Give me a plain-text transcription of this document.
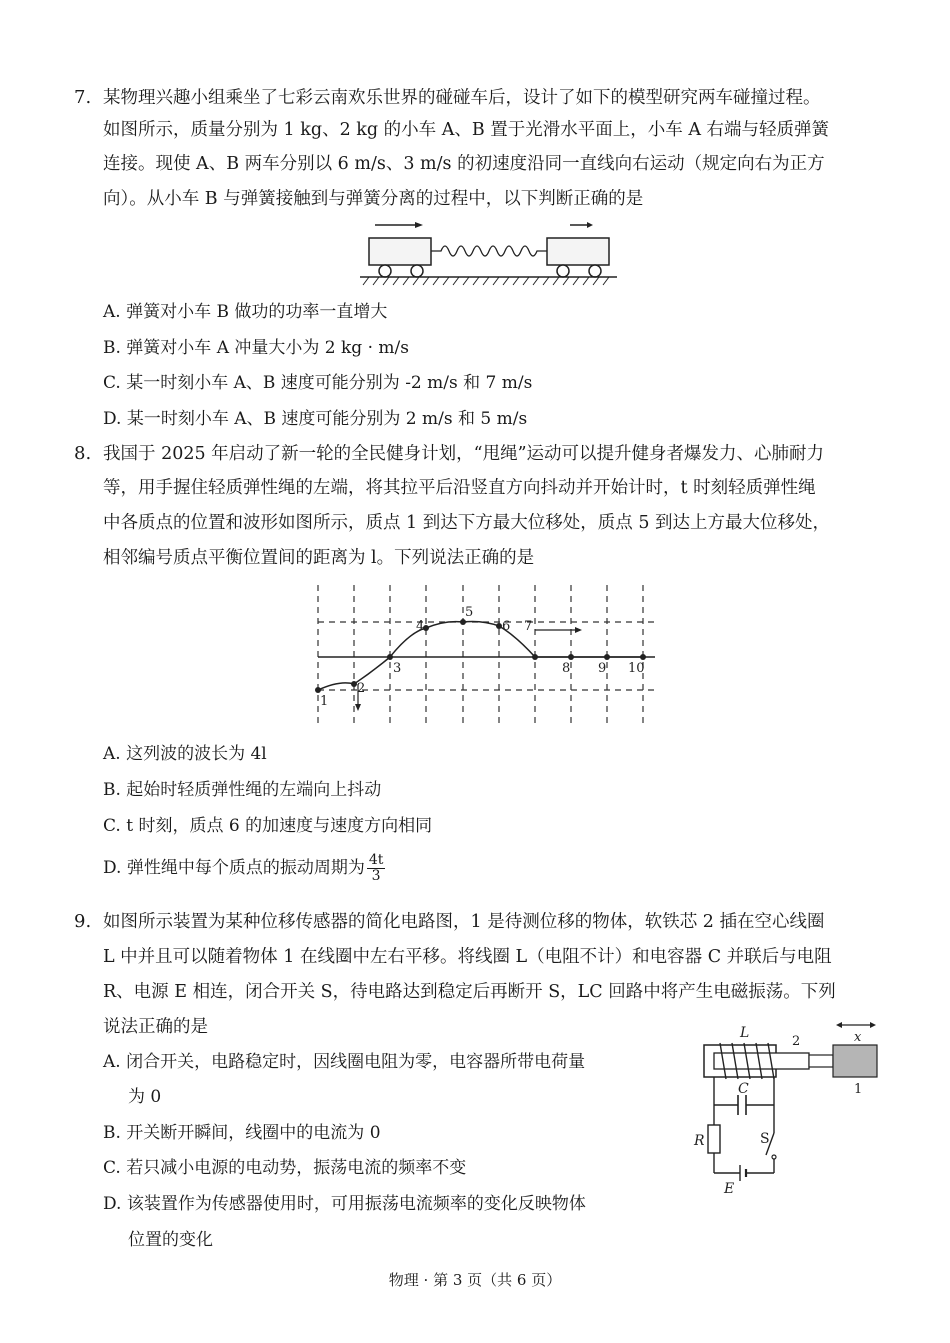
7. 某物理兴趣小组乘坐了七彩云南欢乐世界的碰碰车后，设计了如下的模型研究两车碰撞过程。
如图所示，质量分别为 1 kg、2 kg 的小车 A、B 置于光滑水平面上，小车 A 右端与轻质弹簧
连接。现使 A、B 两车分别以 6 m/s、3 m/s 的初速度沿同一直线向右运动（规定向右为正方
向）。从小车 B 与弹簧接触到与弹簧分离的过程中，以下判断正确的是
A. 弹簧对小车 B 做功的功率一直增大
B. 弹簧对小车 A 冲量大小为 2 kg · m/s
C. 某一时刻小车 A、B 速度可能分别为 -2 m/s 和 7 m/s
D. 某一时刻小车 A、B 速度可能分别为 2 m/s 和 5 m/s
8. 我国于 2025 年启动了新一轮的全民健身计划，“甩绳”运动可以提升健身者爆发力、心肺耐力
等，用手握住轻质弹性绳的左端，将其拉平后沿竖直方向抖动并开始计时，t 时刻轻质弹性绳
中各质点的位置和波形如图所示，质点 1 到达下方最大位移处，质点 5 到达上方最大位移处，
相邻编号质点平衡位置间的距离为 l。下列说法正确的是
1
2
3
4
5
6 7
8 9 10
A. 这列波的波长为 4l
B. 起始时轻质弹性绳的左端向上抖动
C. t 时刻，质点 6 的加速度与速度方向相同
D. 弹性绳中每个质点的振动周期为 $\frac{4t}{3}$
9. 如图所示装置为某种位移传感器的简化电路图，1 是待测位移的物体，软铁芯 2 插在空心线圈
L 中并且可以随着物体 1 在线圈中左右平移。将线圈 L（电阻不计）和电容器 C 并联后与电阻
R、电源 E 相连，闭合开关 S，待电路达到稳定后再断开 S，LC 回路中将产生电磁振荡。下列
说法正确的是
A. 闭合开关，电路稳定时，因线圈电阻为零，电容器所带电荷量
为 0
B. 开关断开瞬间，线圈中的电流为 0
C. 若只减小电源的电动势，振荡电流的频率不变
D. 该装置作为传感器使用时，可用振荡电流频率的变化反映物体
位置的变化
x
L
2
1
C
S
R
E
物理 · 第 3 页（共 6 页）
